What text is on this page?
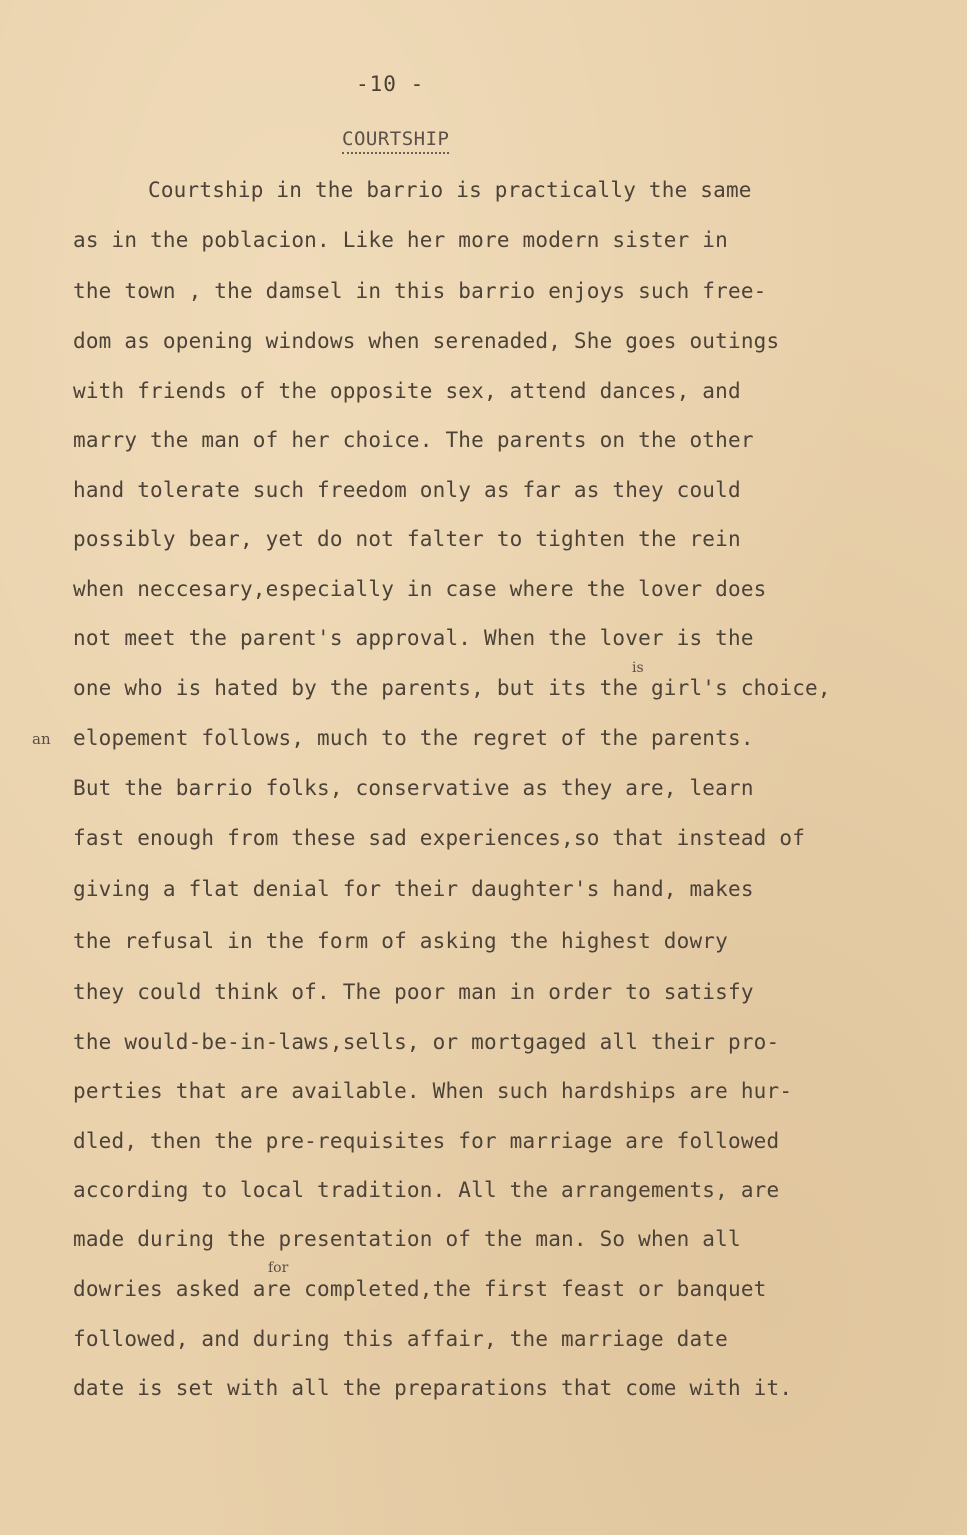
-10 -
COURTSHIP
Courtship in the barrio is practically the same
as in the poblacion. Like her more modern sister in
the town , the damsel in this barrio enjoys such free-
dom as opening windows when serenaded, She goes outings
with friends of the opposite sex, attend dances, and
marry the man of her choice. The parents on the other
hand tolerate such freedom only as far as they could
possibly bear, yet do not falter to tighten the rein
when neccesary,especially in case where the lover does
not meet the parent's approval. When the lover is the
is
one who is hated by the parents, but its the girl's choice,
an elopement follows, much to the regret of the parents.
But the barrio folks, conservative as they are, learn
fast enough from these sad experiences,so that instead of
giving a flat denial for their daughter's hand, makes
the refusal in the form of asking the highest dowry
they could think of. The poor man in order to satisfy
the would-be-in-laws,sells, or mortgaged all their pro-
perties that are available. When such hardships are hur-
dled, then the pre-requisites for marriage are followed
according to local tradition. All the arrangements, are
made during the presentation of the man. So when all
for
dowries asked are completed,the first feast or banquet
followed, and during this affair, the marriage date
date is set with all the preparations that come with it.
